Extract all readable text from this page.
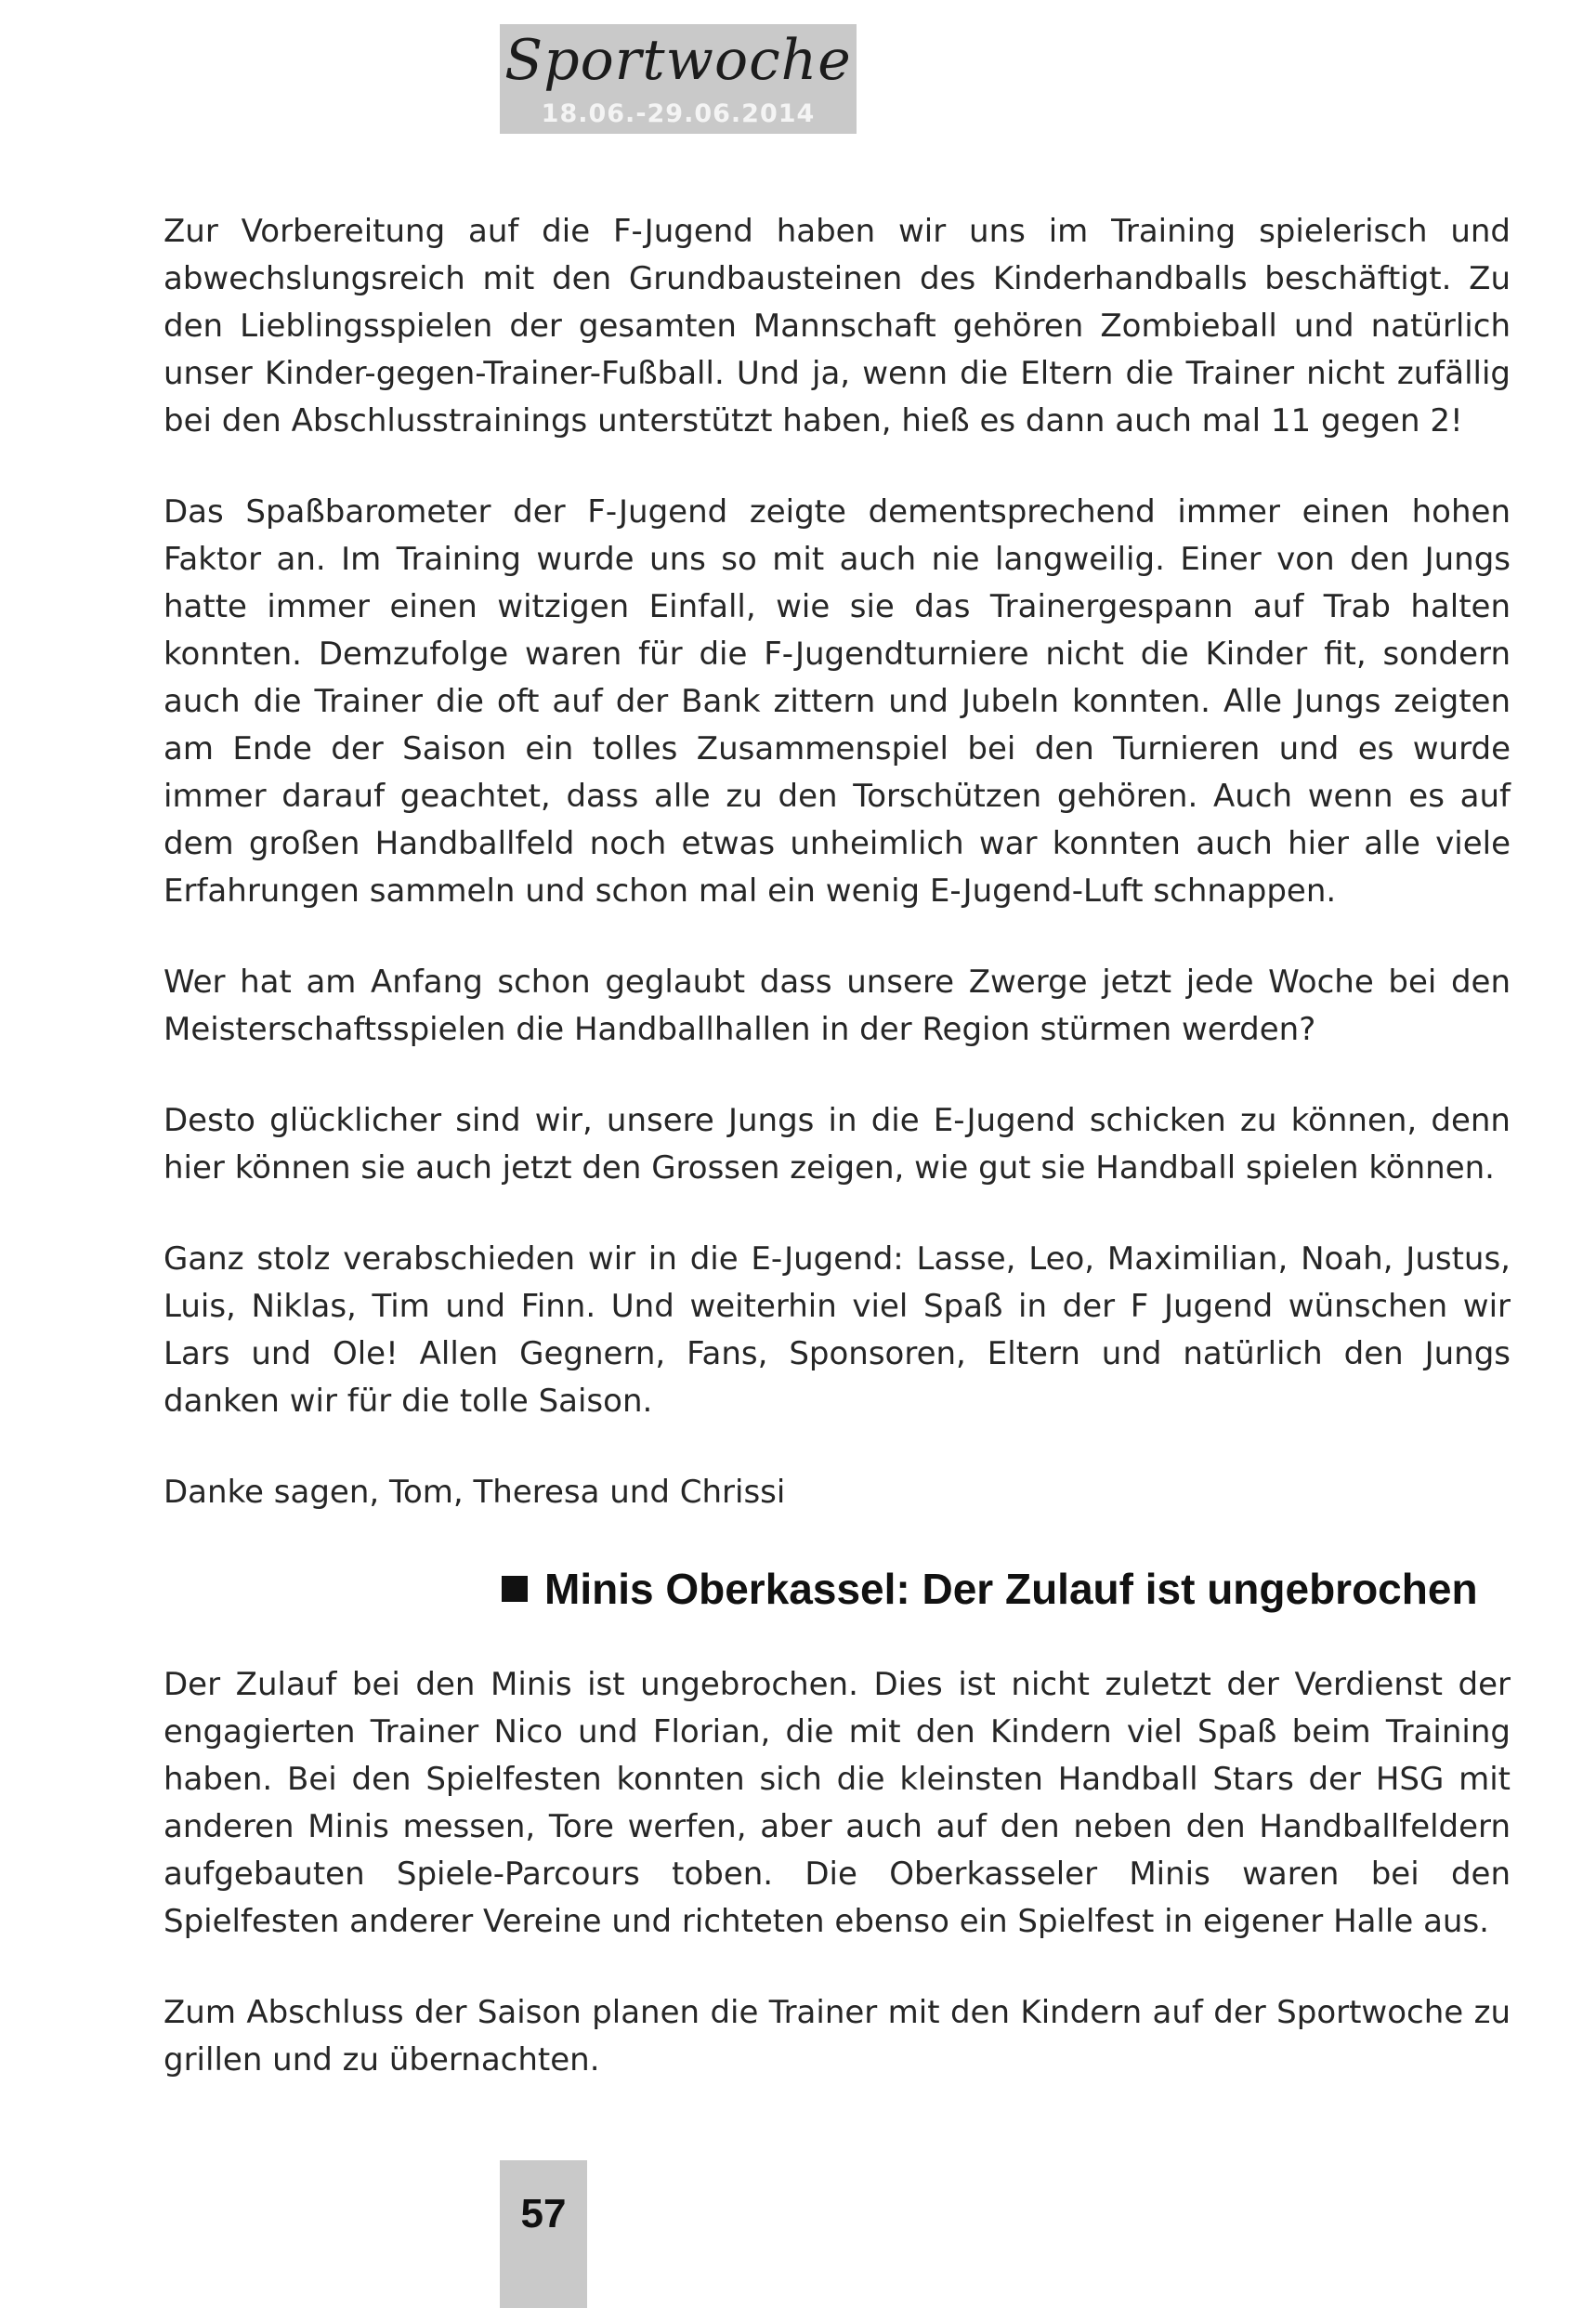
Sportwoche
18.06.-29.06.2014

Zur Vorbereitung auf die F-Jugend haben wir uns im Training spielerisch und abwechslungsreich mit den Grundbausteinen des Kinderhandballs beschäftigt. Zu den Lieblingsspielen der gesamten Mannschaft gehören Zombieball und natürlich unser Kinder-gegen-Trainer-Fußball. Und ja, wenn die Eltern die Trainer nicht zufällig bei den Abschlusstrainings unterstützt haben, hieß es dann auch mal 11 gegen 2!

Das Spaßbarometer der F-Jugend zeigte dementsprechend immer einen hohen Faktor an. Im Training wurde uns so mit auch nie langweilig. Einer von den Jungs hatte immer einen witzigen Einfall, wie sie das Trainergespann auf Trab halten konnten. Demzufolge waren für die F-Jugendturniere nicht die Kinder fit, sondern auch die Trainer die oft auf der Bank zittern und Jubeln konnten. Alle Jungs zeigten am Ende der Saison ein tolles Zusammenspiel bei den Turnieren und es wurde immer darauf geachtet, dass alle zu den Torschützen gehören. Auch wenn es auf dem großen Handballfeld noch etwas unheimlich war konnten auch hier alle viele Erfahrungen sammeln und schon mal ein wenig E-Jugend-Luft schnappen.

Wer hat am Anfang schon geglaubt dass unsere Zwerge jetzt jede Woche bei den Meisterschaftsspielen die Handballhallen in der Region stürmen werden?

Desto glücklicher sind wir, unsere Jungs in die E-Jugend schicken zu können, denn hier können sie auch jetzt den Grossen zeigen, wie gut sie Handball spielen können.

Ganz stolz verabschieden wir in die E-Jugend: Lasse, Leo, Maximilian, Noah, Justus, Luis, Niklas, Tim und Finn. Und weiterhin viel Spaß in der F Jugend wünschen wir Lars und Ole! Allen Gegnern, Fans, Sponsoren, Eltern und natürlich den Jungs danken wir für die tolle Saison.

Danke sagen, Tom, Theresa und Chrissi

Minis Oberkassel: Der Zulauf ist ungebrochen

Der Zulauf bei den Minis ist ungebrochen. Dies ist nicht zuletzt der Verdienst der engagierten Trainer Nico und Florian, die mit den Kindern viel Spaß beim Training haben. Bei den Spielfesten konnten sich die kleinsten Handball Stars der HSG mit anderen Minis messen, Tore werfen, aber auch auf den neben den Handballfeldern aufgebauten Spiele-Parcours toben. Die Oberkasseler Minis waren bei den Spielfesten anderer Vereine und richteten ebenso ein Spielfest in eigener Halle aus.

Zum Abschluss der Saison planen die Trainer mit den Kindern auf der Sportwoche zu grillen und zu übernachten.

57
